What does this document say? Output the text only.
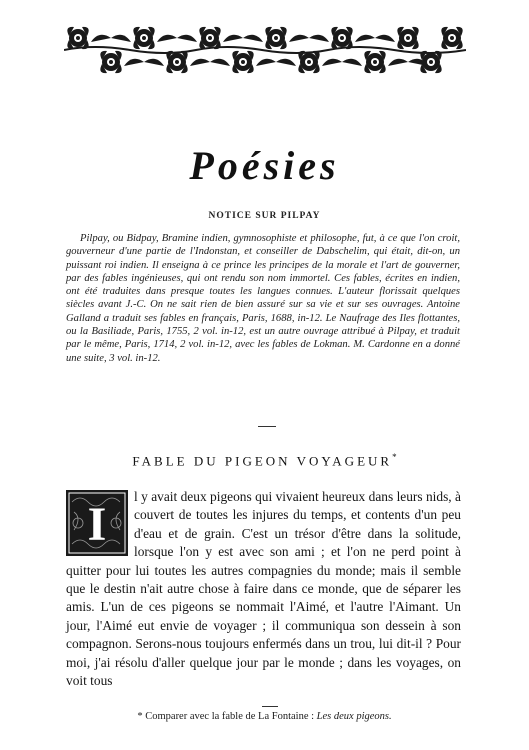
Poésies
NOTICE SUR PILPAY

Pilpay, ou Bidpay, Bramine indien, gymnosophiste et philosophe, fut, à ce que l'on croit, gouverneur d'une partie de l'Indonstan, et conseiller de Dabschelim, qui était, dit-on, un puissant roi indien. Il enseigna à ce prince les principes de la morale et l'art de gouverner, par des fables ingénieuses, qui ont rendu son nom immortel. Ces fables, écrites en indien, ont été traduites dans presque toutes les langues connues. L'auteur florissait quelques siècles avant J.-C. On ne sait rien de bien assuré sur sa vie et sur ses ouvrages. Antoine Galland a traduit ses fables en français, Paris, 1688, in-12. Le Naufrage des Iles flottantes, ou la Basiliade, Paris, 1755, 2 vol. in-12, est un autre ouvrage attribué à Pilpay, et traduit par le même, Paris, 1714, 2 vol. in-12, avec les fables de Lokman. M. Cardonne en a donné une suite, 3 vol. in-12.

FABLE DU PIGEON VOYAGEUR*
I

l y avait deux pigeons qui vivaient heureux dans leurs nids, à couvert de toutes les injures du temps, et contents d'un peu d'eau et de grain. C'est un trésor d'être dans la solitude, lorsque l'on y est avec son ami ; et l'on ne perd point à quitter pour lui toutes les autres compagnies du monde; mais il semble que le destin n'ait autre chose à faire dans ce monde, que de séparer les amis. L'un de ces pigeons se nommait l'Aimé, et l'autre l'Aimant. Un jour, l'Aimé eut envie de voyager ; il communiqua son dessein à son compagnon. Serons-nous toujours enfermés dans un trou, lui dit-il ? Pour moi, j'ai résolu d'aller quelque jour par le monde ; dans les voyages, on voit tous

* Comparer avec la fable de La Fontaine : Les deux pigeons.
